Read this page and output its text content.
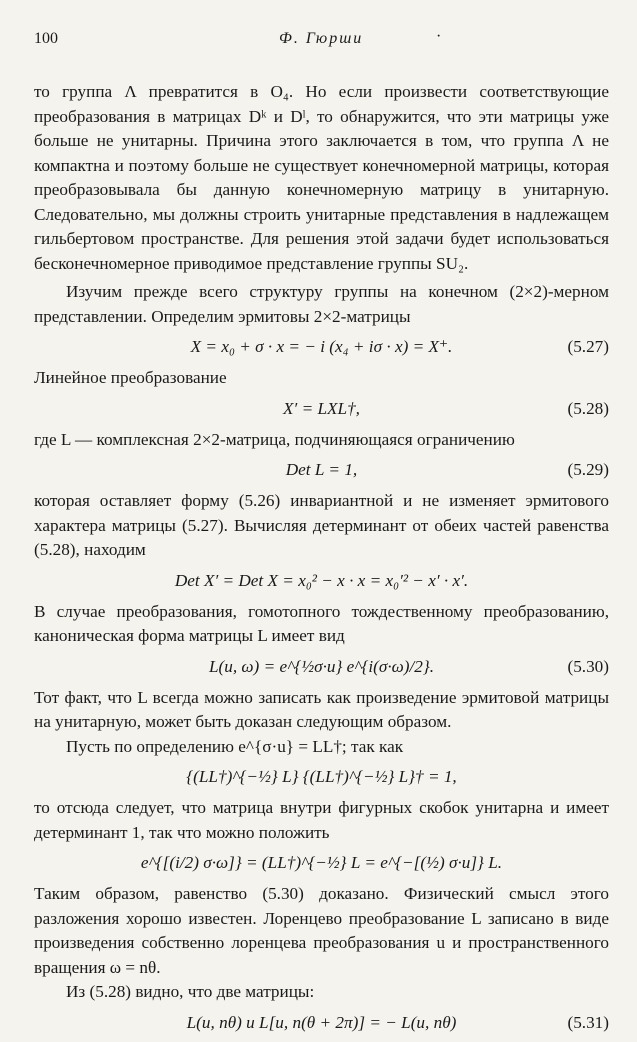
100	Ф. Гюрши	·

то группа Λ превратится в O₄. Но если произвести соответствующие преобразования в матрицах Dᵏ и Dˡ, то обнаружится, что эти матрицы уже больше не унитарны. Причина этого заключается в том, что группа Λ не компактна и поэтому больше не существует конечномерной матрицы, которая преобразовывала бы данную конечномерную матрицу в унитарную. Следовательно, мы должны строить унитарные представления в надлежащем гильбертовом пространстве. Для решения этой задачи будет использоваться бесконечномерное приводимое представление группы SU₂.

Изучим прежде всего структуру группы на конечном (2×2)-мерном представлении. Определим эрмитовы 2×2-матрицы

X = x₀ + σ · x = − i (x₄ + iσ · x) = X⁺.	(5.27)

Линейное преобразование

X′ = LXL†,	(5.28)

где L — комплексная 2×2-матрица, подчиняющаяся ограничению

Det L = 1,	(5.29)

которая оставляет форму (5.26) инвариантной и не изменяет эрмитового характера матрицы (5.27). Вычисляя детерминант от обеих частей равенства (5.28), находим

Det X′ = Det X = x₀² − x · x = x₀′² − x′ · x′.

В случае преобразования, гомотопного тождественному преобразованию, каноническая форма матрицы L имеет вид

L(u, ω) = e^{½σ·u} e^{i(σ·ω)/2}.	(5.30)

Тот факт, что L всегда можно записать как произведение эрмитовой матрицы на унитарную, может быть доказан следующим образом.

Пусть по определению e^{σ·u} = LL†; так как

{(LL†)^{−½} L} {(LL†)^{−½} L}† = 1,

то отсюда следует, что матрица внутри фигурных скобок унитарна и имеет детерминант 1, так что можно положить

e^{[(i/2) σ·ω]} = (LL†)^{−½} L = e^{−[(½) σ·u]} L.

Таким образом, равенство (5.30) доказано. Физический смысл этого разложения хорошо известен. Лоренцево преобразование L записано в виде произведения собственно лоренцева преобразования u и пространственного вращения ω = nθ.

Из (5.28) видно, что две матрицы:

L(u, nθ) и L[u, n(θ + 2π)] = − L(u, nθ)	(5.31)
